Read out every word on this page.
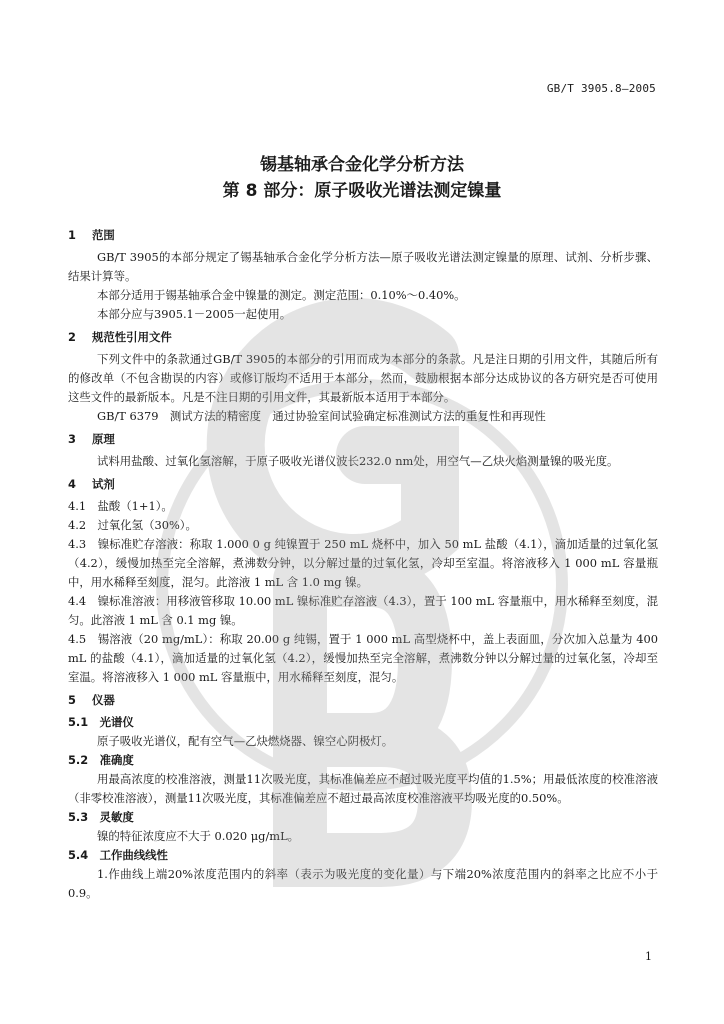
GB/T 3905.8—2005
锡基轴承合金化学分析方法
第 8 部分：原子吸收光谱法测定镍量
1 范围

GB/T 3905的本部分规定了锡基轴承合金化学分析方法—原子吸收光谱法测定镍量的原理、试剂、分析步骤、结果计算等。

本部分适用于锡基轴承合金中镍量的测定。测定范围：0.10%～0.40%。

本部分应与3905.1－2005一起使用。

2 规范性引用文件

下列文件中的条款通过GB/T 3905的本部分的引用而成为本部分的条款。凡是注日期的引用文件，其随后所有的修改单（不包含勘误的内容）或修订版均不适用于本部分，然而，鼓励根据本部分达成协议的各方研究是否可使用这些文件的最新版本。凡是不注日期的引用文件，其最新版本适用于本部分。

GB/T 6379　测试方法的精密度　通过协验室间试验确定标准测试方法的重复性和再现性

3 原理

试料用盐酸、过氧化氢溶解，于原子吸收光谱仪波长232.0 nm处，用空气—乙炔火焰测量镍的吸光度。

4 试剂

4.1　盐酸（1+1）。

4.2　过氧化氢（30%）。

4.3　镍标准贮存溶液：称取 1.000 0 g 纯镍置于 250 mL 烧杯中，加入 50 mL 盐酸（4.1），滴加适量的过氧化氢（4.2），缓慢加热至完全溶解，煮沸数分钟，以分解过量的过氧化氢，冷却至室温。将溶液移入 1 000 mL 容量瓶中，用水稀释至刻度，混匀。此溶液 1 mL 含 1.0 mg 镍。

4.4　镍标准溶液：用移液管移取 10.00 mL 镍标准贮存溶液（4.3），置于 100 mL 容量瓶中，用水稀释至刻度，混匀。此溶液 1 mL 含 0.1 mg 镍。

4.5　锡溶液（20 mg/mL）：称取 20.00 g 纯锡，置于 1 000 mL 高型烧杯中，盖上表面皿，分次加入总量为 400 mL 的盐酸（4.1），滴加适量的过氧化氢（4.2），缓慢加热至完全溶解，煮沸数分钟以分解过量的过氧化氢，冷却至室温。将溶液移入 1 000 mL 容量瓶中，用水稀释至刻度，混匀。

5 仪器
5.1　光谱仪

原子吸收光谱仪，配有空气—乙炔燃烧器、镍空心阴极灯。

5.2　准确度

用最高浓度的校准溶液，测量11次吸光度，其标准偏差应不超过吸光度平均值的1.5%；用最低浓度的校准溶液（非零校准溶液），测量11次吸光度，其标准偏差应不超过最高浓度校准溶液平均吸光度的0.50%。

5.3　灵敏度

镍的特征浓度应不大于 0.020 μg/mL。

5.4　工作曲线线性

1.作曲线上端20%浓度范围内的斜率（表示为吸光度的变化量）与下端20%浓度范围内的斜率之比应不小于0.9。

1
